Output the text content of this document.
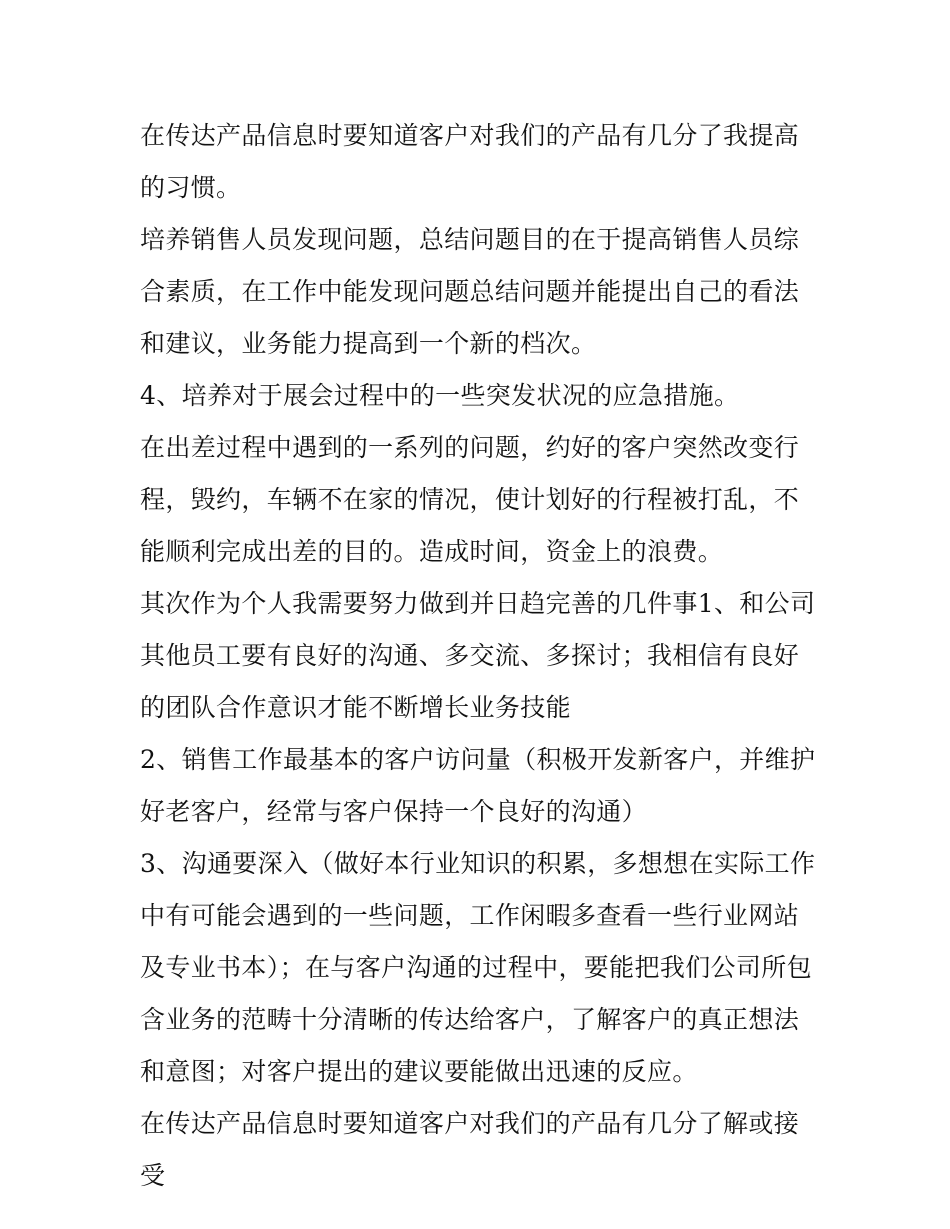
在传达产品信息时要知道客户对我们的产品有几分了我提高的习惯。

培养销售人员发现问题，总结问题目的在于提高销售人员综合素质，在工作中能发现问题总结问题并能提出自己的看法和建议，业务能力提高到一个新的档次。

4、培养对于展会过程中的一些突发状况的应急措施。

在出差过程中遇到的一系列的问题，约好的客户突然改变行程，毁约，车辆不在家的情况，使计划好的行程被打乱，不能顺利完成出差的目的。造成时间，资金上的浪费。

其次作为个人我需要努力做到并日趋完善的几件事1、和公司其他员工要有良好的沟通、多交流、多探讨；我相信有良好的团队合作意识才能不断增长业务技能

2、销售工作最基本的客户访问量（积极开发新客户，并维护好老客户，经常与客户保持一个良好的沟通）

3、沟通要深入（做好本行业知识的积累，多想想在实际工作中有可能会遇到的一些问题，工作闲暇多查看一些行业网站及专业书本）；在与客户沟通的过程中，要能把我们公司所包含业务的范畴十分清晰的传达给客户，了解客户的真正想法和意图；对客户提出的建议要能做出迅速的反应。

在传达产品信息时要知道客户对我们的产品有几分了解或接受
